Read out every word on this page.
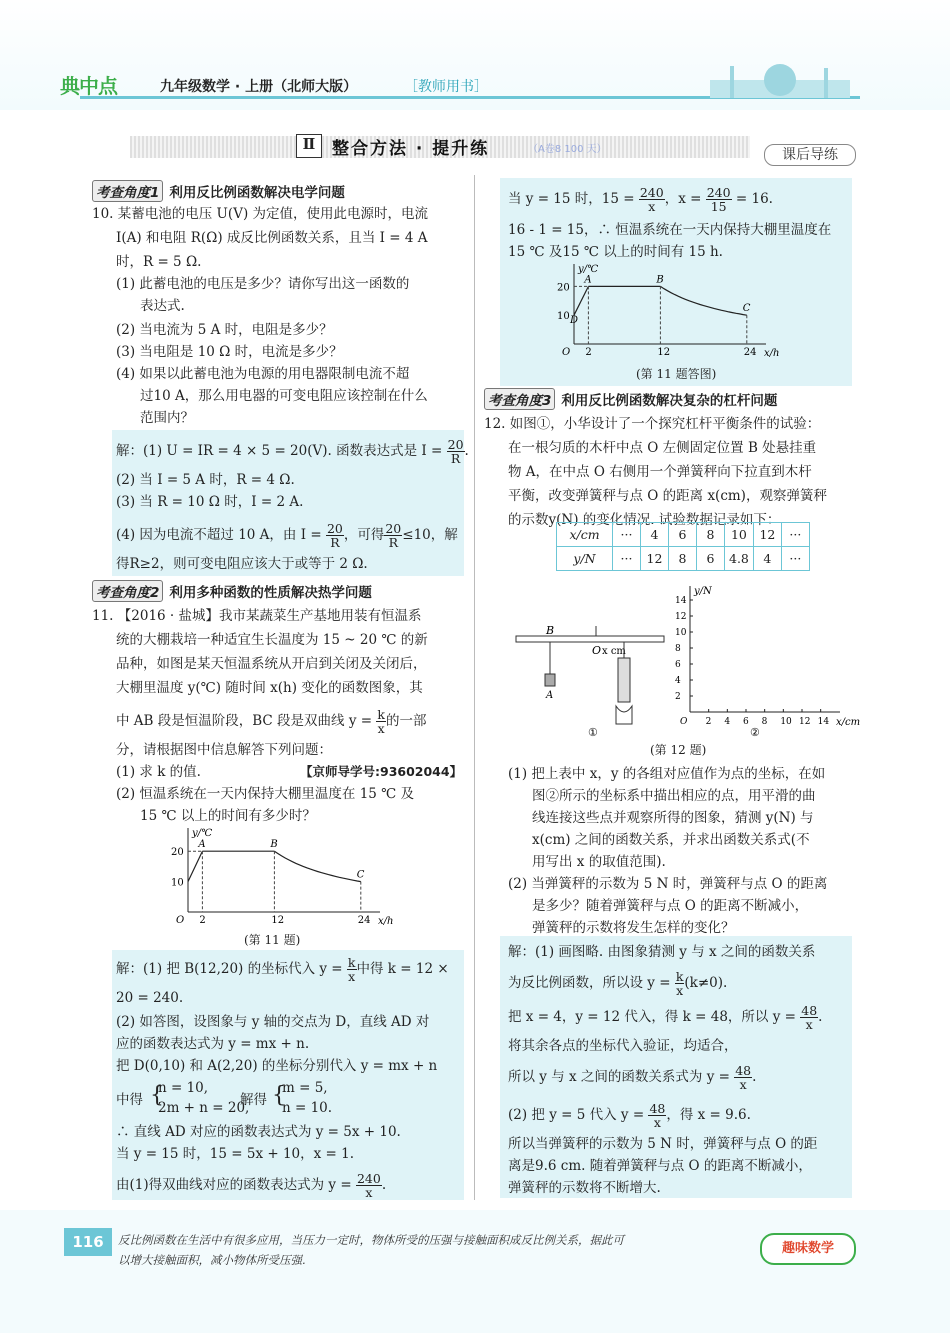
典中点	九年级数学 · 上册（北师大版）	［教师用书］
Ⅱ 整合方法 · 提升练	（A卷8 100 天）	课后导练
考查角度1 利用反比例函数解决电学问题
10. 某蓄电池的电压 U(V) 为定值，使用此电源时，电流
I(A) 和电阻 R(Ω) 成反比例函数关系，且当 I = 4 A
时，R = 5 Ω.
(1) 此蓄电池的电压是多少？请你写出这一函数的
表达式.
(2) 当电流为 5 A 时，电阻是多少？
(3) 当电阻是 10 Ω 时，电流是多少？
(4) 如果以此蓄电池为电源的用电器限制电流不超
过10 A，那么用电器的可变电阻应该控制在什么
范围内？
解：(1) U = IR = 4 × 5 = 20(V). 函数表达式是 $I = \frac{20}{R}$ .
(2) 当 I = 5 A 时，R = 4 Ω.
(3) 当 R = 10 Ω 时，I = 2 A.
(4) 因为电流不超过 10 A，由 $I = \frac{20}{R}$ ，可得 $\frac{20}{R} \le 10$，解
得R≥2，则可变电阻应该大于或等于 2 Ω.
考查角度2 利用多种函数的性质解决热学问题
11. 【2016 · 盐城】我市某蔬菜生产基地用装有恒温系
统的大棚栽培一种适宜生长温度为 15 ~ 20 ℃ 的新
品种，如图是某天恒温系统从开启到关闭及关闭后，
大棚里温度 y(℃) 随时间 x(h) 变化的函数图象，其
中 AB 段是恒温阶段，BC 段是双曲线 $y = \frac{k}{x}$ 的一部
分，请根据图中信息解答下列问题：
(1) 求 k 的值.	【京师导学号:93602044】
(2) 恒温系统在一天内保持大棚里温度在 15 ℃ 及
15 ℃ 以上的时间有多少时？
y/℃
x/h
O 2	12	24
10
20
A	B
C
(第 11 题)
解：(1) 把 B(12,20) 的坐标代入 $y = \frac{k}{x}$ 中得 k = 12 ×
20 = 240.
(2) 如答图，设图象与 y 轴的交点为 D，直线 AD 对
应的函数表达式为 y = mx + n.
把 D(0,10) 和 A(2,20) 的坐标分别代入 y = mx + n
中得 {
n = 10,
2m + n = 20,
解得 {
m = 5,
n = 10.
∴ 直线 AD 对应的函数表达式为 y = 5x + 10.
当 y = 15 时，15 = 5x + 10，x = 1.
由(1)得双曲线对应的函数表达式为 $y = \frac{240}{x}$ .
当 y = 15 时，$15 = \frac{240}{x}$ ，$x = \frac{240}{15} = 16$.
16 - 1 = 15，∴ 恒温系统在一天内保持大棚里温度在
15 ℃ 及15 ℃ 以上的时间有 15 h.
y/℃
x/h
O 2	12	24
10
20
D
A	B
C
(第 11 题答图)
考查角度3 利用反比例函数解决复杂的杠杆问题
12. 如图①，小华设计了一个探究杠杆平衡条件的试验：
在一根匀质的木杆中点 O 左侧固定位置 B 处悬挂重
物 A，在中点 O 右侧用一个弹簧秤向下拉直到木杆
平衡，改变弹簧秤与点 O 的距离 x(cm)，观察弹簧秤
的示数y(N) 的变化情况. 试验数据记录如下：
x/cm	···	4	6	8	10	12	···
y/N	···	12	8	6	4.8	4	···
B
O x cm
A
①
y/N
x/cm
O 2 4 6 8 10 12 14
2
4
6
8
10
12
14
②
(第 12 题)
(1) 把上表中 x，y 的各组对应值作为点的坐标，在如
图②所示的坐标系中描出相应的点，用平滑的曲
线连接这些点并观察所得的图象，猜测 y(N) 与
x(cm) 之间的函数关系，并求出函数关系式(不
用写出 x 的取值范围).
(2) 当弹簧秤的示数为 5 N 时，弹簧秤与点 O 的距离
是多少？随着弹簧秤与点 O 的距离不断减小，
弹簧秤的示数将发生怎样的变化？
解：(1) 画图略. 由图象猜测 y 与 x 之间的函数关系
为反比例函数，所以设 $y = \frac{k}{x} (k\ne 0)$.
把 x = 4，y = 12 代入，得 k = 48，所以 $y = \frac{48}{x}$ .
将其余各点的坐标代入验证，均适合，
所以 y 与 x 之间的函数关系式为 $y = \frac{48}{x}$ .
(2) 把 y = 5 代入 $y = \frac{48}{x}$ ，得 x = 9.6.
所以当弹簧秤的示数为 5 N 时，弹簧秤与点 O 的距
离是9.6 cm. 随着弹簧秤与点 O 的距离不断减小，
弹簧秤的示数将不断增大.
116	反比例函数在生活中有很多应用，当压力一定时，物体所受的压强与接触面积成反比例关系，据此可
以增大接触面积，减小物体所受压强.
趣味数学
